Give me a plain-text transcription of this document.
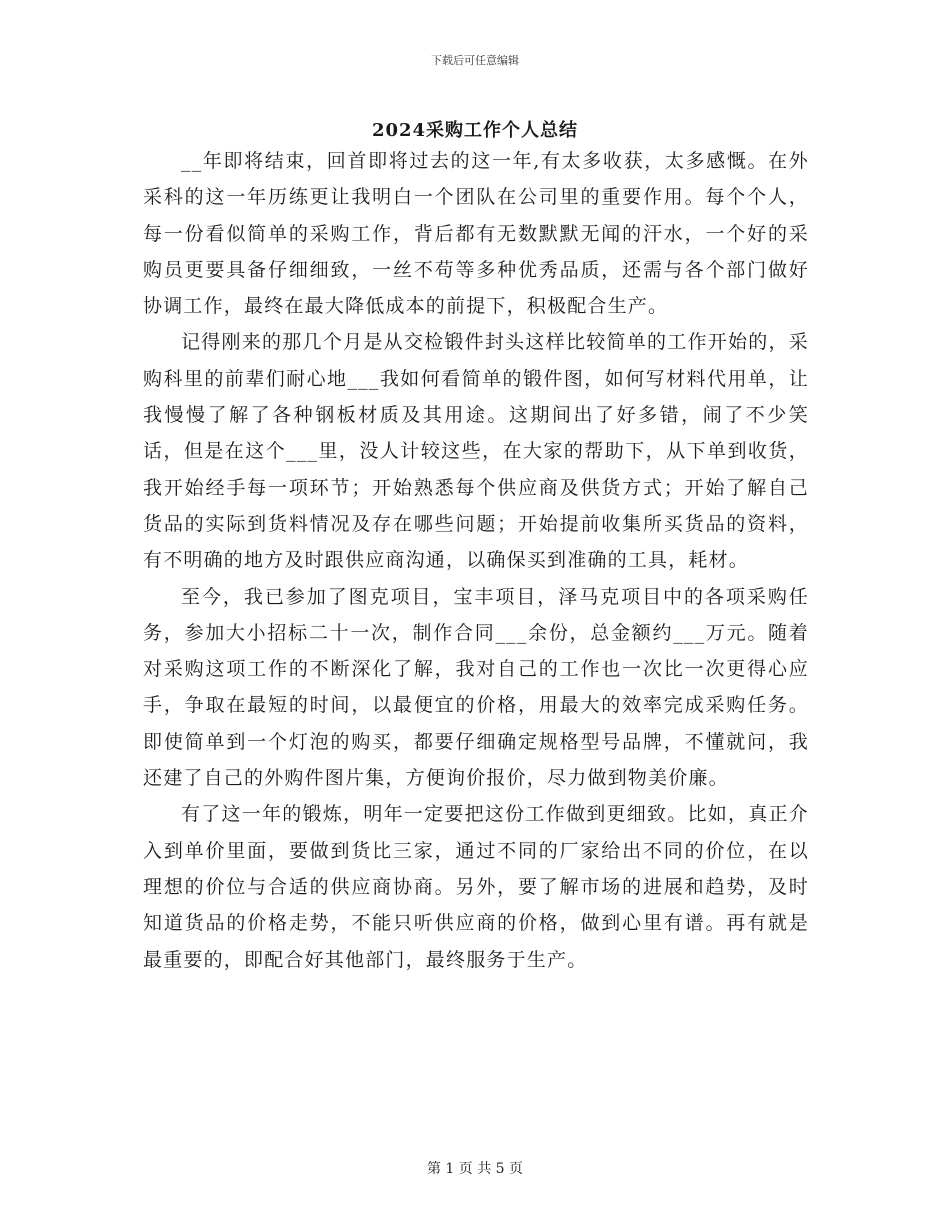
下载后可任意编辑
2024采购工作个人总结

__年即将结束，回首即将过去的这一年,有太多收获，太多感慨。在外采科的这一年历练更让我明白一个团队在公司里的重要作用。每个个人，每一份看似简单的采购工作，背后都有无数默默无闻的汗水，一个好的采购员更要具备仔细细致，一丝不苟等多种优秀品质，还需与各个部门做好协调工作，最终在最大降低成本的前提下，积极配合生产。

记得刚来的那几个月是从交检锻件封头这样比较简单的工作开始的，采购科里的前辈们耐心地___我如何看简单的锻件图，如何写材料代用单，让我慢慢了解了各种钢板材质及其用途。这期间出了好多错，闹了不少笑话，但是在这个___里，没人计较这些，在大家的帮助下，从下单到收货，我开始经手每一项环节；开始熟悉每个供应商及供货方式；开始了解自己货品的实际到货料情况及存在哪些问题；开始提前收集所买货品的资料，有不明确的地方及时跟供应商沟通，以确保买到准确的工具，耗材。

至今，我已参加了图克项目，宝丰项目，泽马克项目中的各项采购任务，参加大小招标二十一次，制作合同___余份，总金额约___万元。随着对采购这项工作的不断深化了解，我对自己的工作也一次比一次更得心应手，争取在最短的时间，以最便宜的价格，用最大的效率完成采购任务。即使简单到一个灯泡的购买，都要仔细确定规格型号品牌，不懂就问，我还建了自己的外购件图片集，方便询价报价，尽力做到物美价廉。

有了这一年的锻炼，明年一定要把这份工作做到更细致。比如，真正介入到单价里面，要做到货比三家，通过不同的厂家给出不同的价位，在以理想的价位与合适的供应商协商。另外，要了解市场的进展和趋势，及时知道货品的价格走势，不能只听供应商的价格，做到心里有谱。再有就是最重要的，即配合好其他部门，最终服务于生产。

第 1 页 共 5 页
